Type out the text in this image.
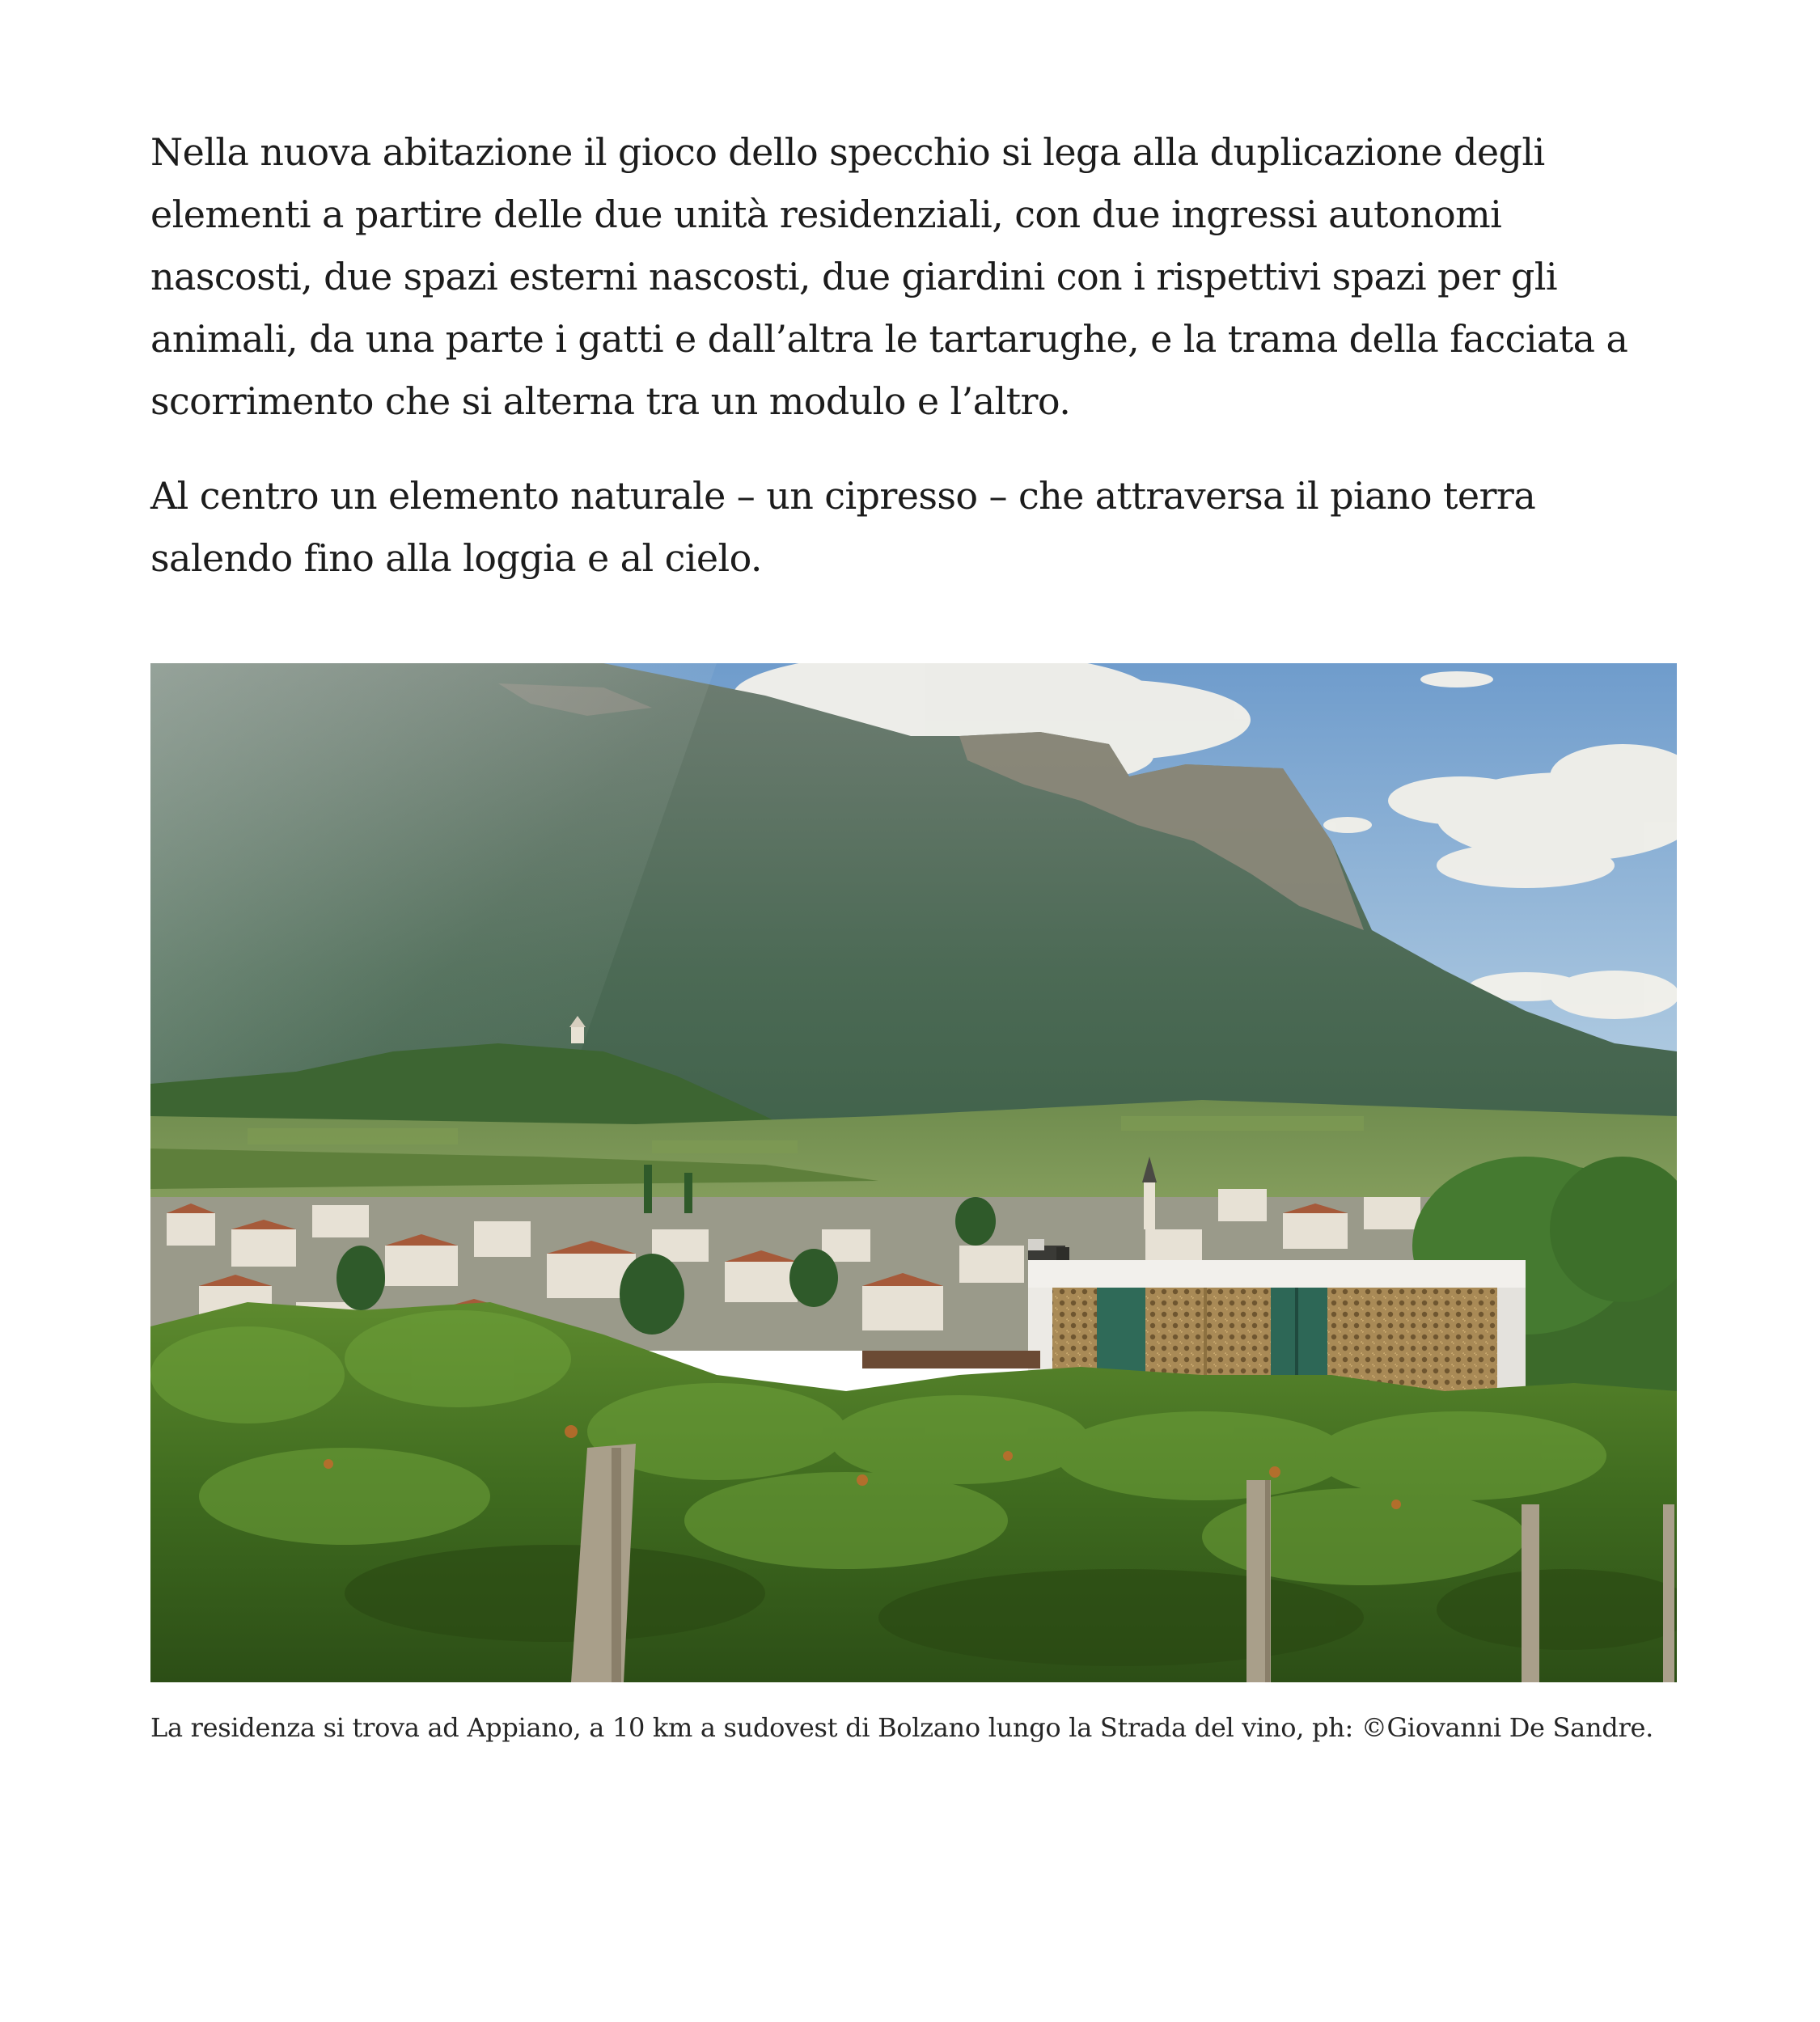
Nella nuova abitazione il gioco dello specchio si lega alla duplicazione degli elementi a partire delle due unità residenziali, con due ingressi autonomi nascosti, due spazi esterni nascosti, due giardini con i rispettivi spazi per gli animali, da una parte i gatti e dall’altra le tartarughe, e la trama della facciata a scorrimento che si alterna tra un modulo e l’altro.

Al centro un elemento naturale – un cipresso – che attraversa il piano terra salendo fino alla loggia e al cielo.

La residenza si trova ad Appiano, a 10 km a sudovest di Bolzano lungo la Strada del vino, ph: ©Giovanni De Sandre.
